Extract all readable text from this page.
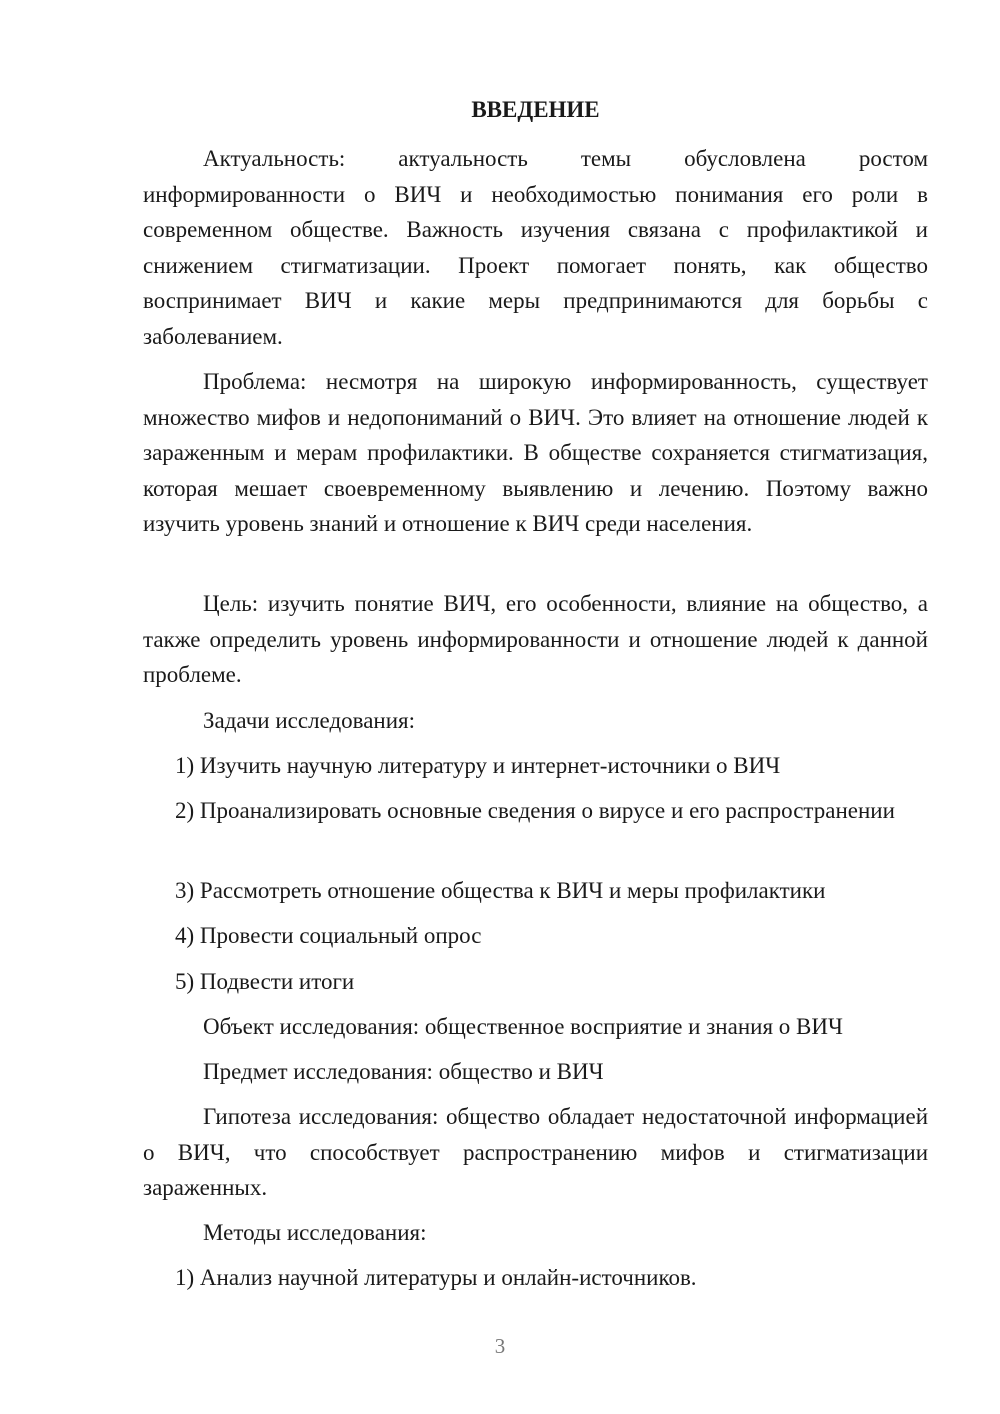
ВВЕДЕНИЕ

Актуальность: актуальность темы обусловлена ростом информированности о ВИЧ и необходимостью понимания его роли в современном обществе. Важность изучения связана с профилактикой и снижением стигматизации. Проект помогает понять, как общество воспринимает ВИЧ и какие меры предпринимаются для борьбы с заболеванием.

Проблема: несмотря на широкую информированность, существует множество мифов и недопониманий о ВИЧ. Это влияет на отношение людей к зараженным и мерам профилактики. В обществе сохраняется стигматизация, которая мешает своевременному выявлению и лечению. Поэтому важно изучить уровень знаний и отношение к ВИЧ среди населения.

Цель: изучить понятие ВИЧ, его особенности, влияние на общество, а также определить уровень информированности и отношение людей к данной проблеме.

Задачи исследования:

1) Изучить научную литературу и интернет-источники о ВИЧ

2) Проанализировать основные сведения о вирусе и его распространении

3) Рассмотреть отношение общества к ВИЧ и меры профилактики

4) Провести социальный опрос

5) Подвести итоги

Объект исследования: общественное восприятие и знания о ВИЧ

Предмет исследования: общество и ВИЧ

Гипотеза исследования: общество обладает недостаточной информацией о ВИЧ, что способствует распространению мифов и стигматизации зараженных.

Методы исследования:

1) Анализ научной литературы и онлайн-источников.

3
